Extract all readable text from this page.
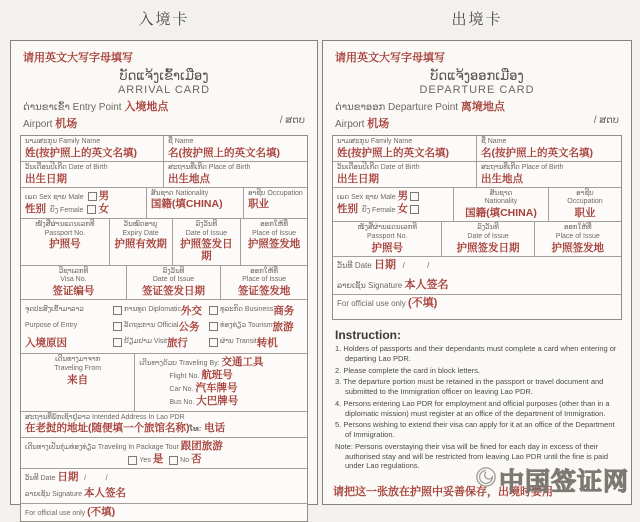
入境卡	出境卡
请用英文大写字母填写
ບັດແຈ້ງເຂົ້າເມືອງ
ARRIVAL CARD
ດ່ານຂາເຂົ້າ Entry Point 入境地点
Airport 机场	/ ສຕບ
ນາມສະກຸນ Family Name
姓(按护照上的英文名填)
ຊື່ Name
名(按护照上的英文名填)
ວັນເດືອນປີເກີດ Date of Birth
出生日期
ສະຖານທີ່ເກີດ Place of Birth
出生地点
ເພດ Sex ຊາຍ Male 男
性别 ຍິງ Female 女
ສັນຊາດ Nationality
国籍(填CHINA)
ອາຊີບ Occupation
职业
ໜັງສືຜ່ານແດນເລກທີ
Passport No.
护照号
ວັນໝົດອາຍຸ
Expiry Date
护照有效期
ລົງວັນທີ
Date of Issue
护照签发日期
ອອກໃຫ້ທີ່
Place of Issue
护照签发地
ວີຊາເລກທີ
Visa No.
签证编号
ລົງວັນທີ
Date of Issue
签证签发日期
ອອກໃຫ້ທີ່
Place of Issue
签证签发地
ຈຸດປະສົງເຂົ້າມາລາວ	ການທູດ Diplomatic 外交	ທຸລະກິດ Business 商务
Purpose of Entry	ລັດຖະການ Official 公务	ທ່ອງທ່ຽວ Tourism 旅游
入境原因	ຢ້ຽມຢາມ Visit 旅行	ຜ່ານ Transit 转机
ເດີນທາງມາຈາກ
Traveling From
来自
ເດີນທາງດ້ວຍ Traveling By: 交通工具
Flight No. 航班号
Car No. 汽车牌号
Bus No. 大巴牌号
ສະຖານທີ່ພັກເຊົາຢູ່ລາວ Intended Address In Lao PDR
在老挝的地址(随便填一个旅馆名称)ໂທ: 电话
ເດີນທາງເປັນກຸ່ມທ່ອງທ່ຽວ Traveling In Package Tour 跟团旅游
Yes 是 No 否
ວັນທີ Date 日期 /          /
ລາຍເຊັນ Signature 本人签名
For official use only (不填)
请用英文大写字母填写
ບັດແຈ້ງອອກເມືອງ
DEPARTURE CARD
ດ່ານຂາອອກ Departure Point 离境地点
Airport 机场	/ ສຕບ
ນາມສະກຸນ Family Name
姓(按护照上的英文名填)
ຊື່ Name
名(按护照上的英文名填)
ວັນເດືອນປີເກີດ Date of Birth
出生日期
ສະຖານທີ່ເກີດ Place of Birth
出生地点
ເພດ Sex ຊາຍ Male 男
性别 ຍິງ Female 女
ສັນຊາດ
Nationality
国籍(填CHINA)
ອາຊີບ
Occupation
职业
ໜັງສືຜ່ານແດນເລກທີ
Passport No.
护照号
ລົງວັນທີ
Date of Issue
护照签发日期
ອອກໃຫ້ທີ່
Place of Issue
护照签发地
ວັນທີ Date 日期 /          /
ລາຍເຊັນ Signature 本人签名
For official use only (不填)
Instruction:
1. Holders of passports and their dependants must complete a card when entering or departing Lao PDR.
2. Please complete the card in block letters.
3. The departure portion must be retained in the passport or travel document and submitted to the Immigration officer on leaving Lao PDR.
4. Persons entering Lao PDR for employment and official purposes (other than in a diplomatic mission) must register at an office of the department of Immigration.
5. Persons wishing to extend their visa can apply for it at an office of the Department of Immigration.
Note: Persons overstaying their visa will be fined for each day in excess of their authorised stay and will be restricted from leaving Lao PDR until the fine is paid under Lao regulations.
请把这一张放在护照中妥善保存，出境时要用
中国签证网
